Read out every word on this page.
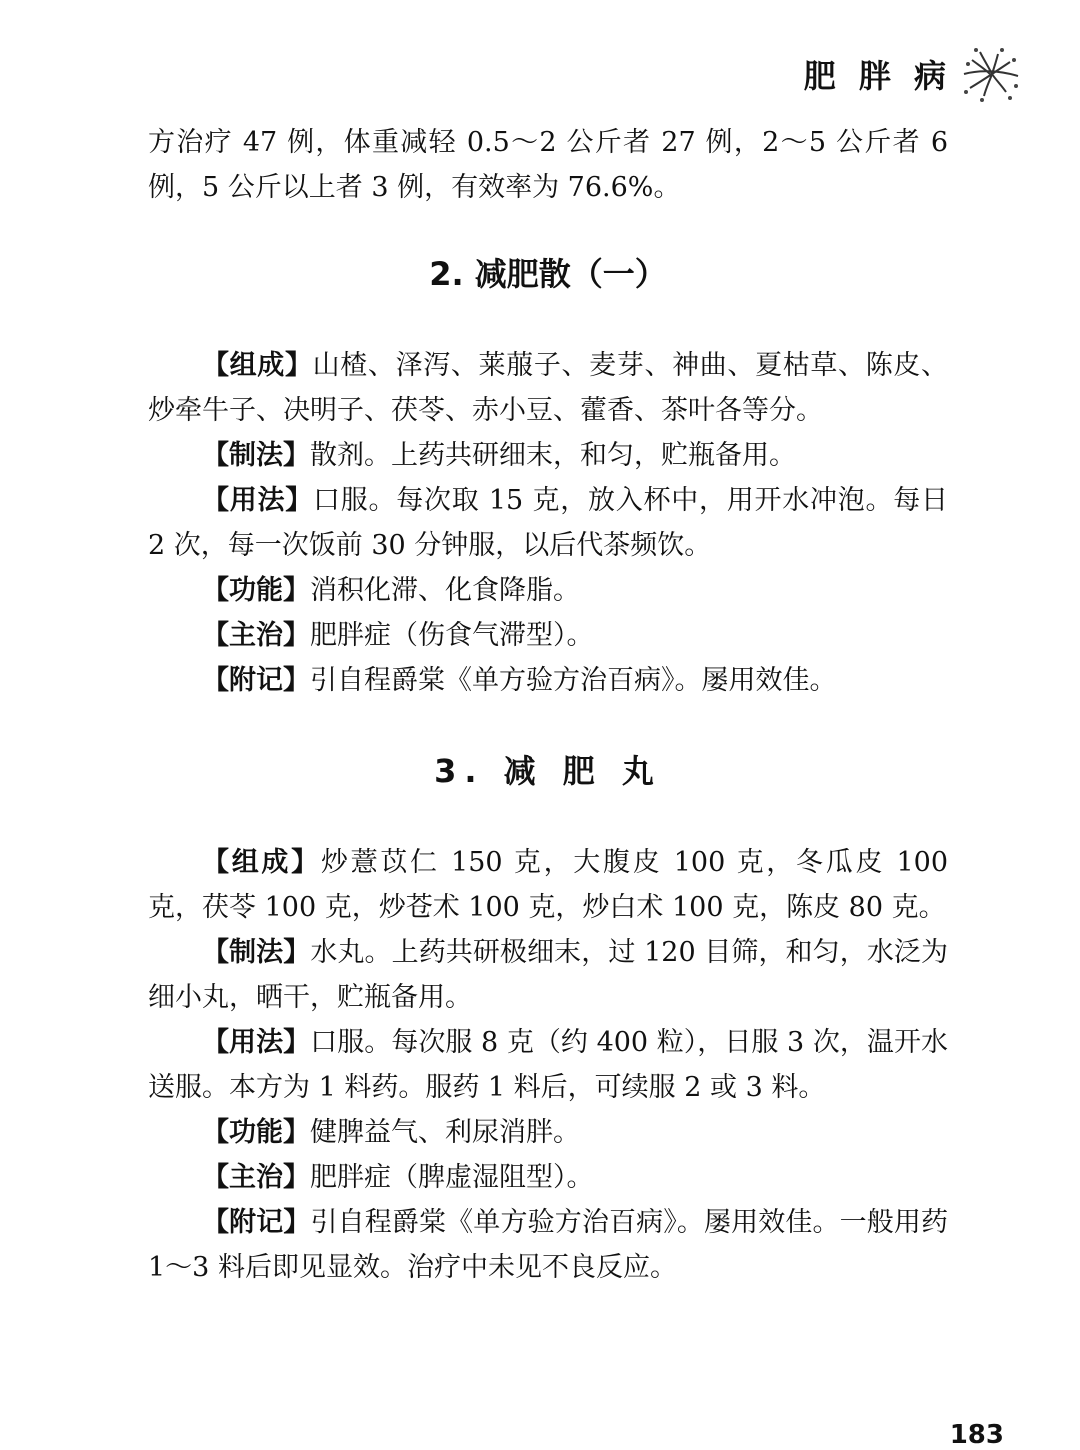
肥 胖 病

方治疗 47 例，体重减轻 0.5～2 公斤者 27 例，2～5 公斤者 6 例，5 公斤以上者 3 例，有效率为 76.6%。

2. 减肥散（一）

【组成】山楂、泽泻、莱菔子、麦芽、神曲、夏枯草、陈皮、炒牵牛子、决明子、茯苓、赤小豆、藿香、茶叶各等分。

【制法】散剂。上药共研细末，和匀，贮瓶备用。

【用法】口服。每次取 15 克，放入杯中，用开水冲泡。每日 2 次，每一次饭前 30 分钟服，以后代茶频饮。

【功能】消积化滞、化食降脂。

【主治】肥胖症（伤食气滞型）。

【附记】引自程爵棠《单方验方治百病》。屡用效佳。

3. 减 肥 丸

【组成】炒薏苡仁 150 克，大腹皮 100 克，冬瓜皮 100 克，茯苓 100 克，炒苍术 100 克，炒白术 100 克，陈皮 80 克。

【制法】水丸。上药共研极细末，过 120 目筛，和匀，水泛为细小丸，晒干，贮瓶备用。

【用法】口服。每次服 8 克（约 400 粒），日服 3 次，温开水送服。本方为 1 料药。服药 1 料后，可续服 2 或 3 料。

【功能】健脾益气、利尿消胖。

【主治】肥胖症（脾虚湿阻型）。

【附记】引自程爵棠《单方验方治百病》。屡用效佳。一般用药 1～3 料后即见显效。治疗中未见不良反应。

183
